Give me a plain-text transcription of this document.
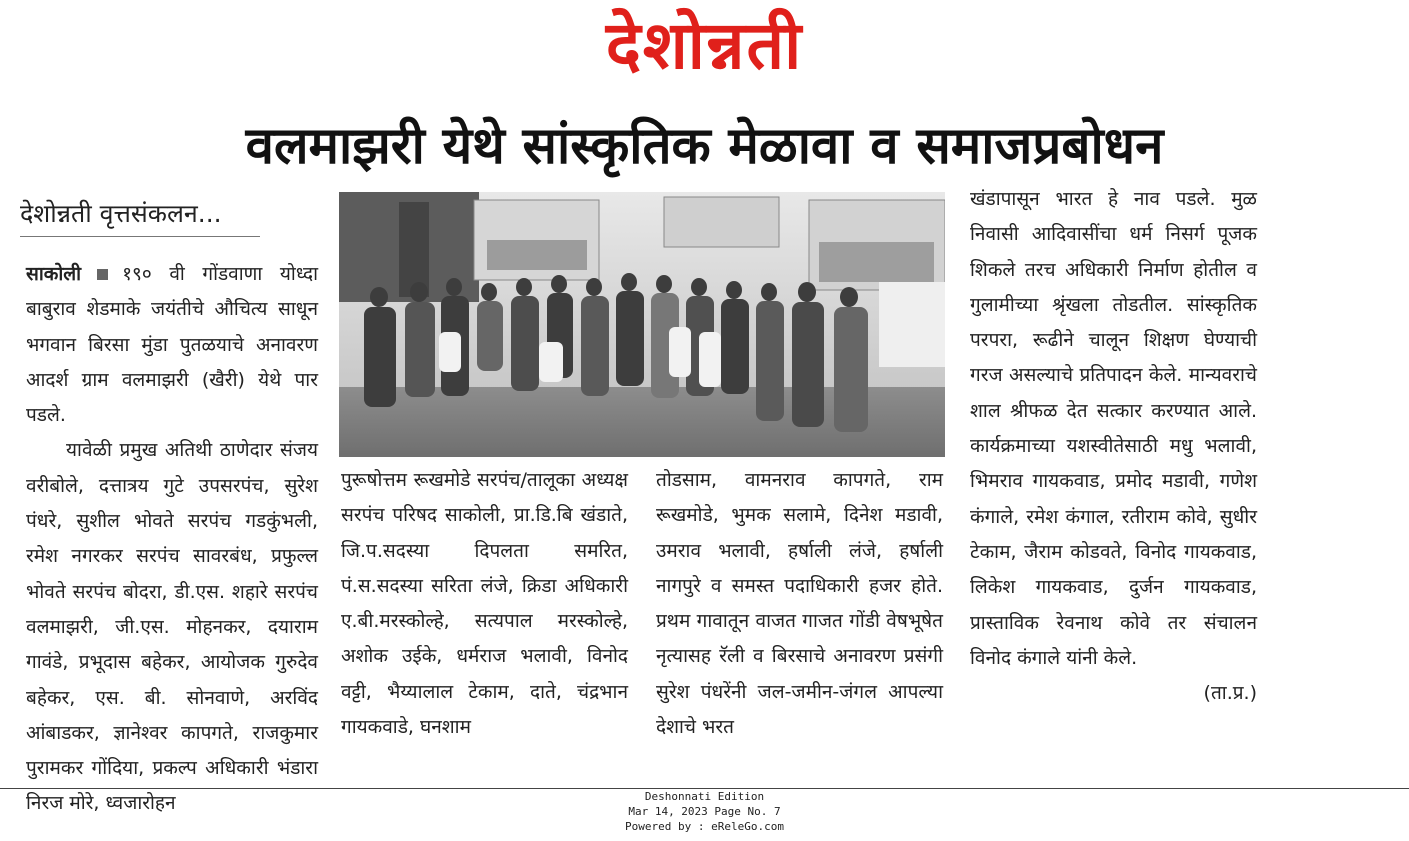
देशोन्नती
वलमाझरी येथे सांस्कृतिक मेळावा व समाजप्रबोधन
देशोन्नती वृत्तसंकलन...

साकोली १९० वी गोंडवाणा योध्दा बाबुराव शेडमाके जयंतीचे औचित्य साधून भगवान बिरसा मुंडा पुतळयाचे अनावरण आदर्श ग्राम वलमाझरी (खैरी) येथे पार पडले.

यावेळी प्रमुख अतिथी ठाणेदार संजय वरीबोले, दत्तात्रय गुटे उपसरपंच, सुरेश पंधरे, सुशील भोवते सरपंच गडकुंभली, रमेश नगरकर सरपंच सावरबंध, प्रफुल्ल भोवते सरपंच बोदरा, डी.एस. शहारे सरपंच वलमाझरी, जी.एस. मोहनकर, दयाराम गावंडे, प्रभूदास बहेकर, आयोजक गुरुदेव बहेकर, एस. बी. सोनवाणे, अरविंद आंबाडकर, ज्ञानेश्वर कापगते, राजकुमार पुरामकर गोंदिया, प्रकल्प अधिकारी भंडारा निरज मोरे, ध्वजारोहन

पुरूषोत्तम रूखमोडे सरपंच/तालूका अध्यक्ष सरपंच परिषद साकोली, प्रा.डि.बि खंडाते, जि.प.सदस्या दिपलता समरित, पं.स.सदस्या सरिता लंजे, क्रिडा अधिकारी ए.बी.मरस्कोल्हे, सत्यपाल मरस्कोल्हे, अशोक उईके, धर्मराज भलावी, विनोद वट्टी, भैय्यालाल टेकाम, दाते, चंद्रभान गायकवाडे, घनशाम
तोडसाम, वामनराव कापगते, राम रूखमोडे, भुमक सलामे, दिनेश मडावी, उमराव भलावी, हर्षाली लंजे, हर्षाली नागपुरे व समस्त पदाधिकारी हजर होते. प्रथम गावातून वाजत गाजत गोंडी वेषभूषेत नृत्यासह रॅली व बिरसाचे अनावरण प्रसंगी सुरेश पंधरेंनी जल-जमीन-जंगल आपल्या देशाचे भरत

खंडापासून भारत हे नाव पडले. मुळ निवासी आदिवासींचा धर्म निसर्ग पूजक शिकले तरच अधिकारी निर्माण होतील व गुलामीच्या श्रृंखला तोडतील. सांस्कृतिक परपरा, रूढीने चालून शिक्षण घेण्याची गरज असल्याचे प्रतिपादन केले. मान्यवराचे शाल श्रीफळ देत सत्कार करण्यात आले. कार्यक्रमाच्या यशस्वीतेसाठी मधु भलावी, भिमराव गायकवाड, प्रमोद मडावी, गणेश कंगाले, रमेश कंगाल, रतीराम कोवे, सुधीर टेकाम, जैराम कोडवते, विनोद गायकवाड, लिकेश गायकवाड, दुर्जन गायकवाड, प्रास्ताविक रेवनाथ कोवे तर संचालन विनोद कंगाले यांनी केले.

(ता.प्र.)

Deshonnati Edition
Mar 14, 2023 Page No. 7
Powered by : eReleGo.com
